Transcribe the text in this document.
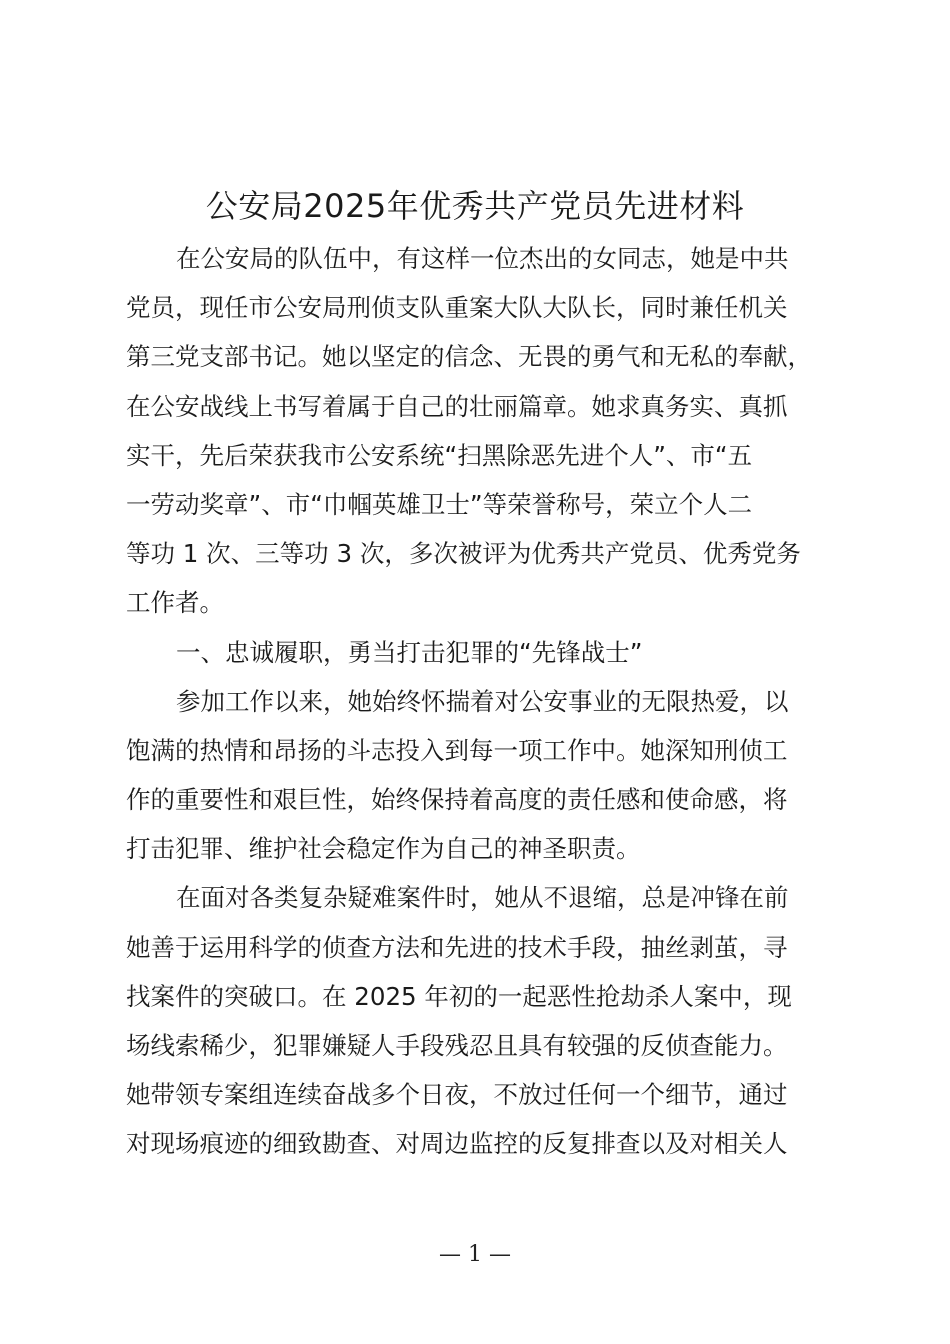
公安局2025年优秀共产党员先进材料
在公安局的队伍中，有这样一位杰出的女同志，她是中共
党员，现任市公安局刑侦支队重案大队大队长，同时兼任机关
第三党支部书记。她以坚定的信念、无畏的勇气和无私的奉献，
在公安战线上书写着属于自己的壮丽篇章。她求真务实、真抓
实干，先后荣获我市公安系统“扫黑除恶先进个人”、市“五
一劳动奖章”、市“巾帼英雄卫士”等荣誉称号，荣立个人二
等功 1 次、三等功 3 次，多次被评为优秀共产党员、优秀党务
工作者。
一、忠诚履职，勇当打击犯罪的“先锋战士”
参加工作以来，她始终怀揣着对公安事业的无限热爱，以
饱满的热情和昂扬的斗志投入到每一项工作中。她深知刑侦工
作的重要性和艰巨性，始终保持着高度的责任感和使命感，将
打击犯罪、维护社会稳定作为自己的神圣职责。
在面对各类复杂疑难案件时，她从不退缩，总是冲锋在前
她善于运用科学的侦查方法和先进的技术手段，抽丝剥茧，寻
找案件的突破口。在 2025 年初的一起恶性抢劫杀人案中，现
场线索稀少，犯罪嫌疑人手段残忍且具有较强的反侦查能力。
她带领专案组连续奋战多个日夜，不放过任何一个细节，通过
对现场痕迹的细致勘查、对周边监控的反复排查以及对相关人
— 1 —
